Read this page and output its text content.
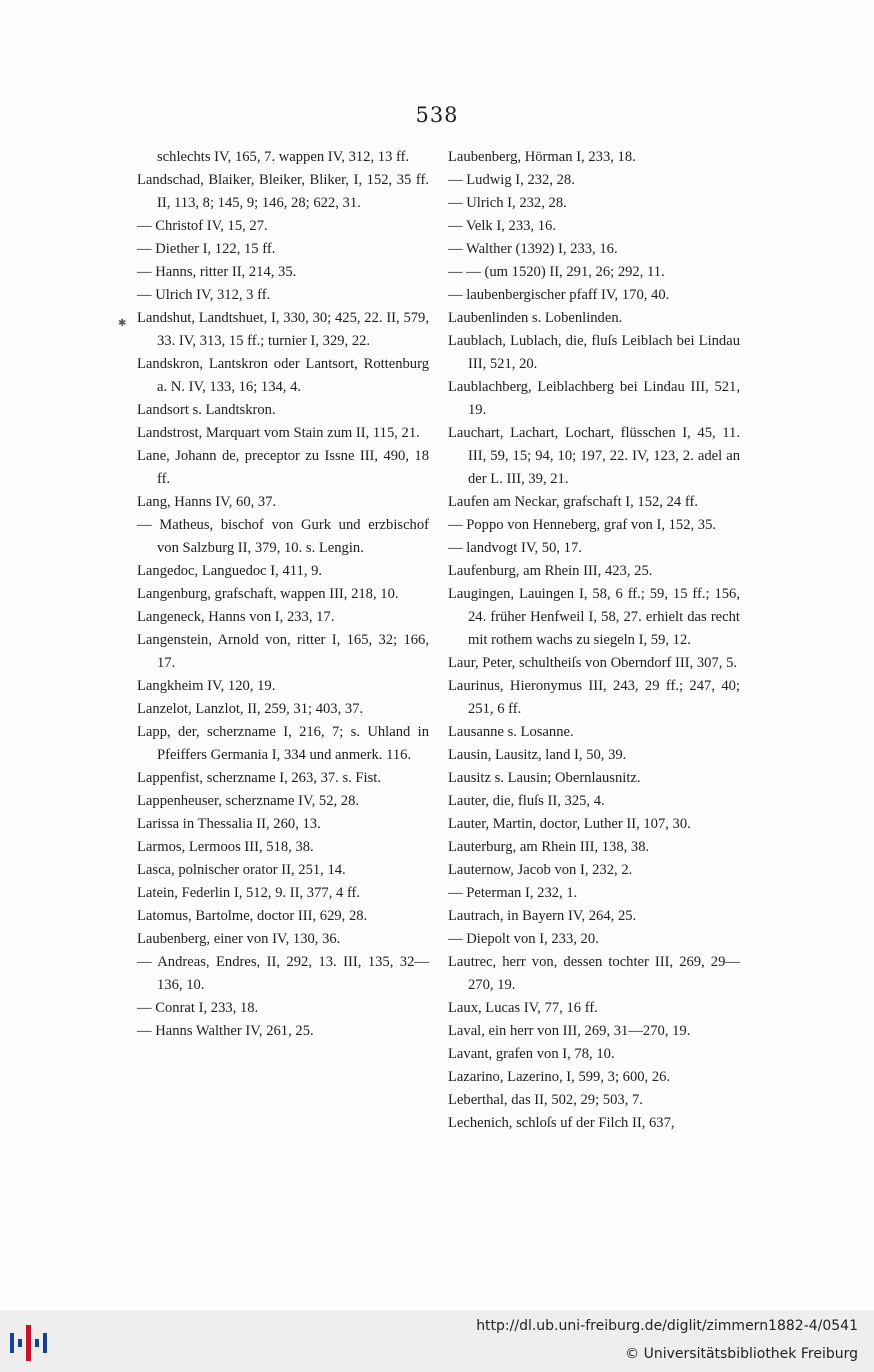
538
✱
schlechts IV, 165, 7. wappen IV, 312, 13 ff.
Landschad, Blaiker, Bleiker, Bliker, I, 152, 35 ff. II, 113, 8; 145, 9; 146, 28; 622, 31.
— Christof IV, 15, 27.
— Diether I, 122, 15 ff.
— Hanns, ritter II, 214, 35.
— Ulrich IV, 312, 3 ff.
Landshut, Landtshuet, I, 330, 30; 425, 22. II, 579, 33. IV, 313, 15 ff.; turnier I, 329, 22.
Landskron, Lantskron oder Lantsort, Rottenburg a. N. IV, 133, 16; 134, 4.
Landsort s. Landtskron.
Landstrost, Marquart vom Stain zum II, 115, 21.
Lane, Johann de, preceptor zu Issne III, 490, 18 ff.
Lang, Hanns IV, 60, 37.
— Matheus, bischof von Gurk und erzbischof von Salzburg II, 379, 10. s. Lengin.
Langedoc, Languedoc I, 411, 9.
Langenburg, grafschaft, wappen III, 218, 10.
Langeneck, Hanns von I, 233, 17.
Langenstein, Arnold von, ritter I, 165, 32; 166, 17.
Langkheim IV, 120, 19.
Lanzelot, Lanzlot, II, 259, 31; 403, 37.
Lapp, der, scherzname I, 216, 7; s. Uhland in Pfeiffers Germania I, 334 und anmerk. 116.
Lappenfist, scherzname I, 263, 37. s. Fist.
Lappenheuser, scherzname IV, 52, 28.
Larissa in Thessalia II, 260, 13.
Larmos, Lermoos III, 518, 38.
Lasca, polnischer orator II, 251, 14.
Latein, Federlin I, 512, 9. II, 377, 4 ff.
Latomus, Bartolme, doctor III, 629, 28.
Laubenberg, einer von IV, 130, 36.
— Andreas, Endres, II, 292, 13. III, 135, 32—136, 10.
— Conrat I, 233, 18.
— Hanns Walther IV, 261, 25.
Laubenberg, Hörman I, 233, 18.
— Ludwig I, 232, 28.
— Ulrich I, 232, 28.
— Velk I, 233, 16.
— Walther (1392) I, 233, 16.
— — (um 1520) II, 291, 26; 292, 11.
— laubenbergischer pfaff IV, 170, 40.
Laubenlinden s. Lobenlinden.
Laublach, Lublach, die, fluſs Leiblach bei Lindau III, 521, 20.
Laublachberg, Leiblachberg bei Lindau III, 521, 19.
Lauchart, Lachart, Lochart, flüsschen I, 45, 11. III, 59, 15; 94, 10; 197, 22. IV, 123, 2. adel an der L. III, 39, 21.
Laufen am Neckar, grafschaft I, 152, 24 ff.
— Poppo von Henneberg, graf von I, 152, 35.
— landvogt IV, 50, 17.
Laufenburg, am Rhein III, 423, 25.
Laugingen, Lauingen I, 58, 6 ff.; 59, 15 ff.; 156, 24. früher Henfweil I, 58, 27. erhielt das recht mit rothem wachs zu siegeln I, 59, 12.
Laur, Peter, schultheiſs von Oberndorf III, 307, 5.
Laurinus, Hieronymus III, 243, 29 ff.; 247, 40; 251, 6 ff.
Lausanne s. Losanne.
Lausin, Lausitz, land I, 50, 39.
Lausitz s. Lausin; Obernlausnitz.
Lauter, die, fluſs II, 325, 4.
Lauter, Martin, doctor, Luther II, 107, 30.
Lauterburg, am Rhein III, 138, 38.
Lauternow, Jacob von I, 232, 2.
— Peterman I, 232, 1.
Lautrach, in Bayern IV, 264, 25.
— Diepolt von I, 233, 20.
Lautrec, herr von, dessen tochter III, 269, 29—270, 19.
Laux, Lucas IV, 77, 16 ff.
Laval, ein herr von III, 269, 31—270, 19.
Lavant, grafen von I, 78, 10.
Lazarino, Lazerino, I, 599, 3; 600, 26.
Leberthal, das II, 502, 29; 503, 7.
Lechenich, schloſs uf der Filch II, 637,
http://dl.ub.uni-freiburg.de/diglit/zimmern1882-4/0541
© Universitätsbibliothek Freiburg
